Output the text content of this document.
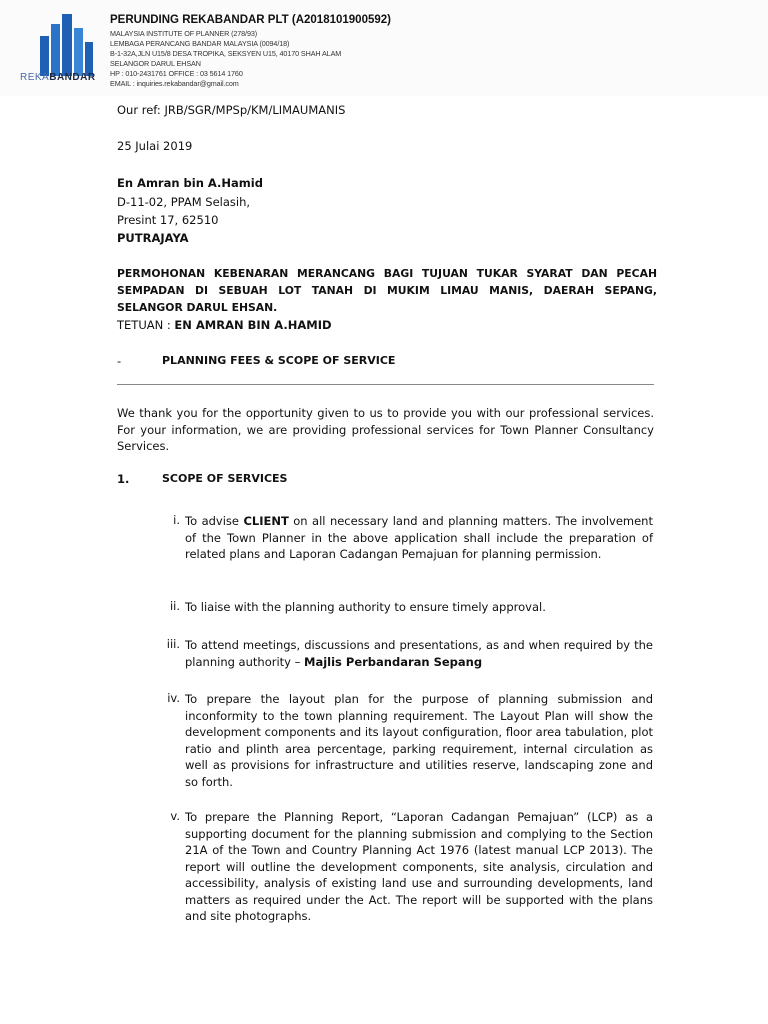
REKABANDAR
PERUNDING REKABANDAR PLT (A2018101900592)
MALAYSIA INSTITUTE OF PLANNER (278/93)
LEMBAGA PERANCANG BANDAR MALAYSIA (0094/18)
B-1-32A,JLN U15/8 DESA TROPIKA, SEKSYEN U15, 40170 SHAH ALAM
SELANGOR DARUL EHSAN
HP : 010-2431761 OFFICE : 03 5614 1760
EMAIL : inquiries.rekabandar@gmail.com
Our ref: JRB/SGR/MPSp/KM/LIMAUMANIS
25 Julai 2019
En Amran bin A.Hamid
D-11-02, PPAM Selasih,
Presint 17, 62510
PUTRAJAYA
PERMOHONAN KEBENARAN MERANCANG BAGI TUJUAN TUKAR SYARAT DAN PECAH SEMPADAN DI SEBUAH LOT TANAH DI MUKIM LIMAU MANIS, DAERAH SEPANG, SELANGOR DARUL EHSAN.
TETUAN : EN AMRAN BIN A.HAMID
-	PLANNING FEES & SCOPE OF SERVICE
We thank you for the opportunity given to us to provide you with our professional services. For your information, we are providing professional services for Town Planner Consultancy Services.
1.	SCOPE OF SERVICES
i. To advise CLIENT on all necessary land and planning matters. The involvement of the Town Planner in the above application shall include the preparation of related plans and Laporan Cadangan Pemajuan for planning permission.
ii. To liaise with the planning authority to ensure timely approval.
iii. To attend meetings, discussions and presentations, as and when required by the planning authority – Majlis Perbandaran Sepang
iv. To prepare the layout plan for the purpose of planning submission and inconformity to the town planning requirement. The Layout Plan will show the development components and its layout configuration, floor area tabulation, plot ratio and plinth area percentage, parking requirement, internal circulation as well as provisions for infrastructure and utilities reserve, landscaping zone and so forth.
v. To prepare the Planning Report, “Laporan Cadangan Pemajuan” (LCP) as a supporting document for the planning submission and complying to the Section 21A of the Town and Country Planning Act 1976 (latest manual LCP 2013). The report will outline the development components, site analysis, circulation and accessibility, analysis of existing land use and surrounding developments, land matters as required under the Act. The report will be supported with the plans and site photographs.
